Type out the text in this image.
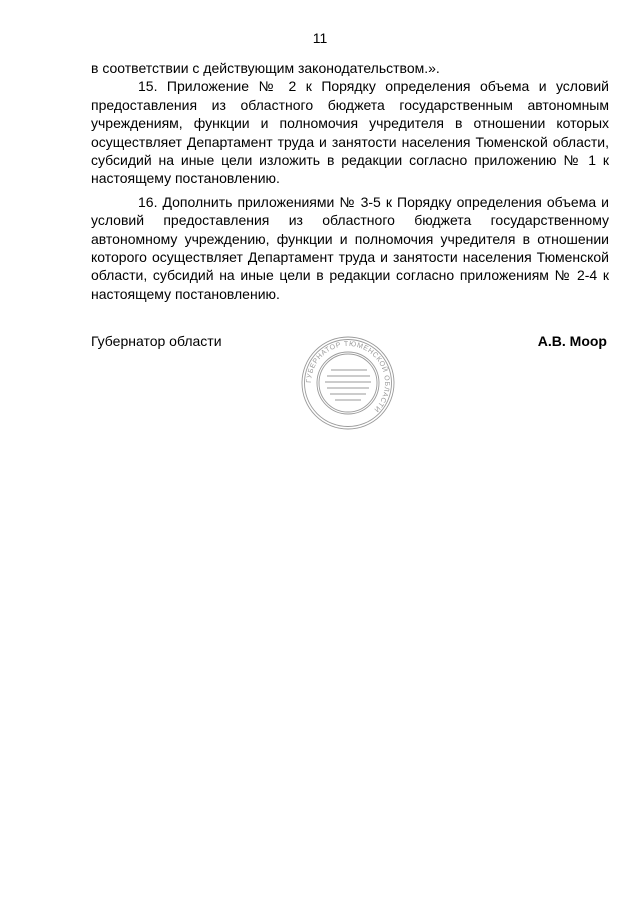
11

в соответствии с действующим законодательством.».

15. Приложение № 2 к Порядку определения объема и условий предоставления из областного бюджета государственным автономным учреждениям, функции и полномочия учредителя в отношении которых осуществляет Департамент труда и занятости населения Тюменской области, субсидий на иные цели изложить в редакции согласно приложению № 1 к настоящему постановлению.

16. Дополнить приложениями № 3-5 к Порядку определения объема и условий предоставления из областного бюджета государственному автономному учреждению, функции и полномочия учредителя в отношении которого осуществляет Департамент труда и занятости населения Тюменской области, субсидий на иные цели в редакции согласно приложениям № 2-4 к настоящему постановлению.

Губернатор области	А.В. Моор
ГУБЕРНАТОР ТЮМЕНСКОЙ ОБЛАСТИ
